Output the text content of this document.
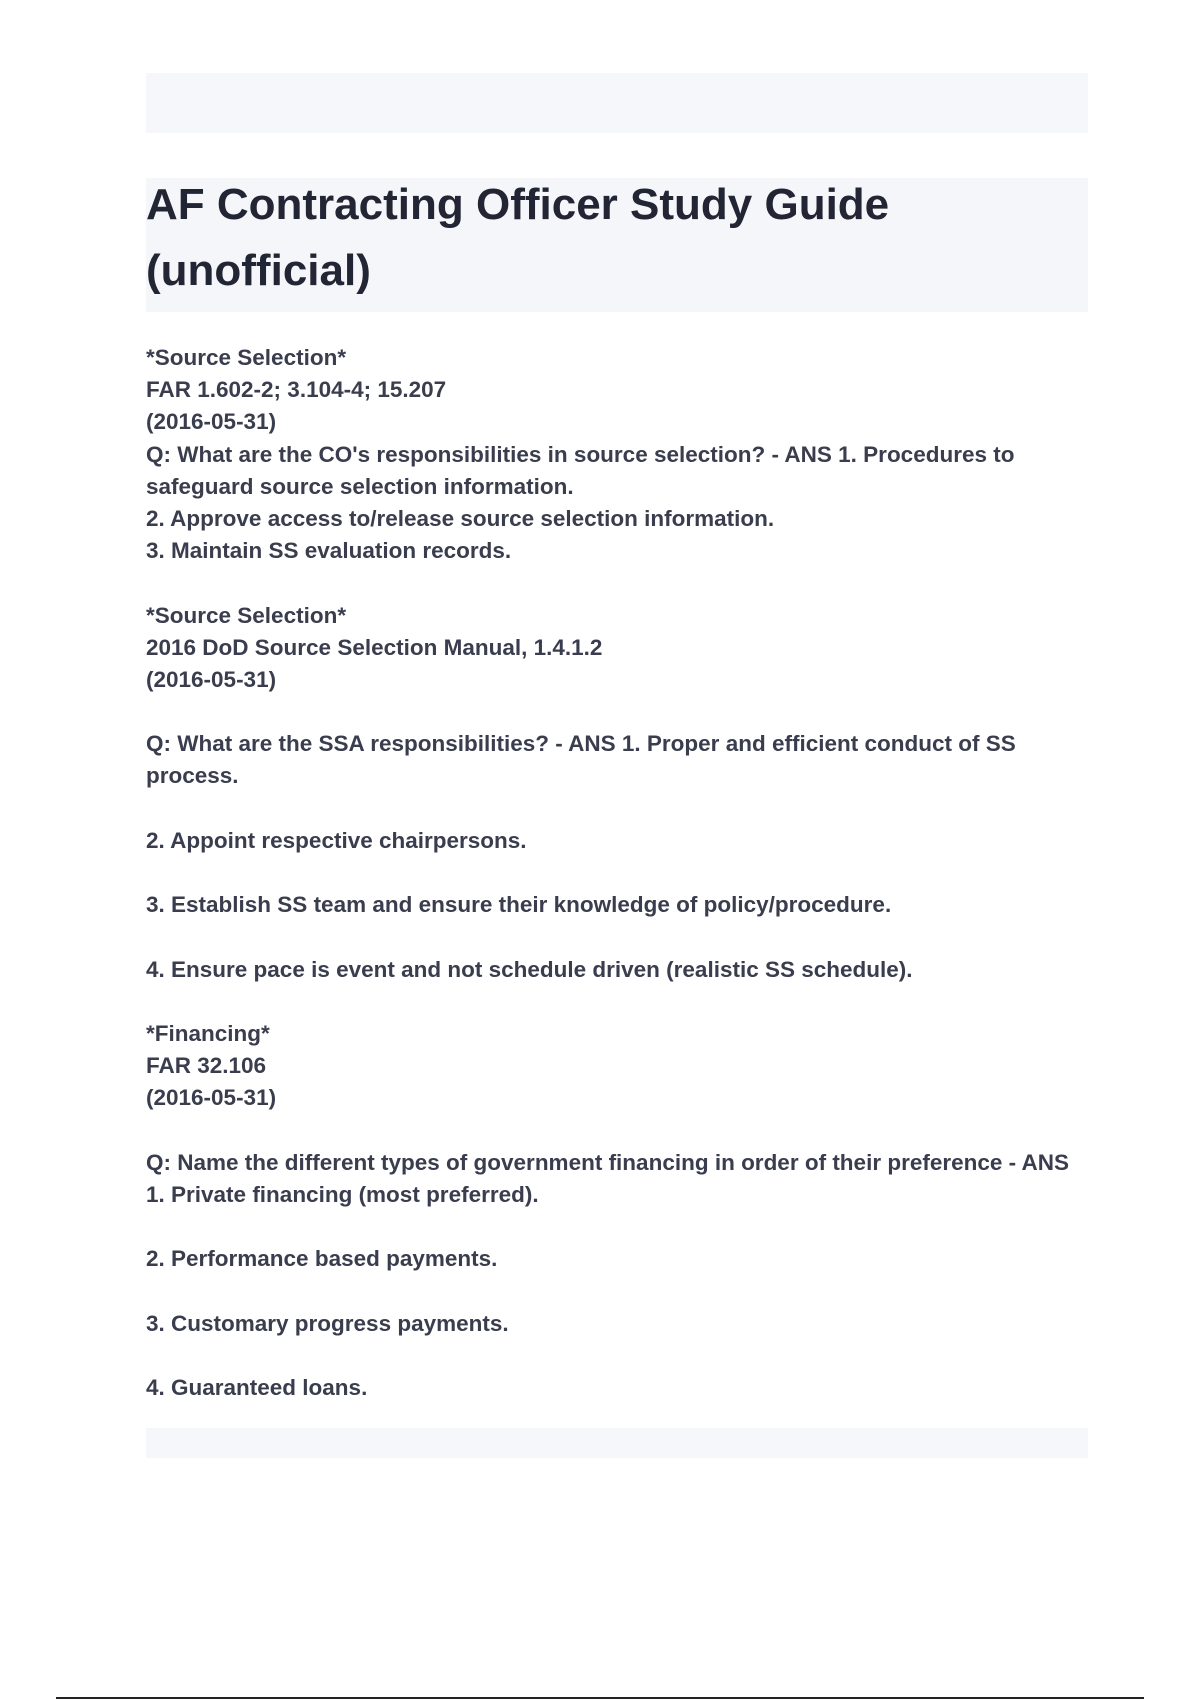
AF Contracting Officer Study Guide (unofficial)
*Source Selection*
FAR 1.602-2; 3.104-4; 15.207
(2016-05-31)
Q: What are the CO's responsibilities in source selection? - ANS 1. Procedures to safeguard source selection information.
2. Approve access to/release source selection information.
3. Maintain SS evaluation records.
*Source Selection*
2016 DoD Source Selection Manual, 1.4.1.2
(2016-05-31)
Q: What are the SSA responsibilities? - ANS 1. Proper and efficient conduct of SS process.
2. Appoint respective chairpersons.
3. Establish SS team and ensure their knowledge of policy/procedure.
4. Ensure pace is event and not schedule driven (realistic SS schedule).
*Financing*
FAR 32.106
(2016-05-31)
Q: Name the different types of government financing in order of their preference - ANS 1. Private financing (most preferred).
2. Performance based payments.
3. Customary progress payments.
4. Guaranteed loans.
